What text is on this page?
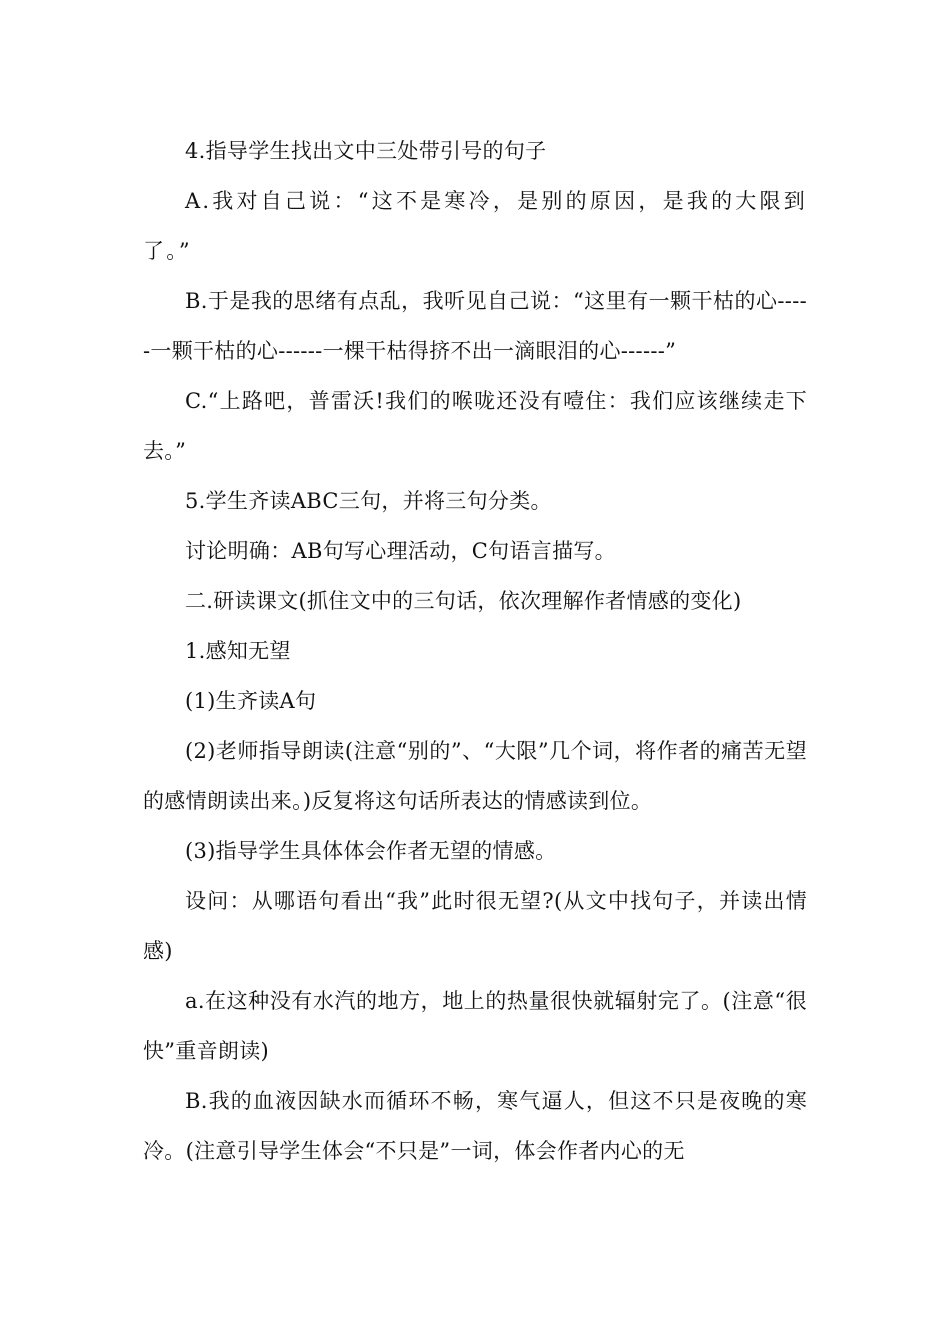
4.指导学生找出文中三处带引号的句子

A.我对自己说：“这不是寒冷，是别的原因，是我的大限到了。”

B.于是我的思绪有点乱，我听见自己说：“这里有一颗干枯的心-----一颗干枯的心------一棵干枯得挤不出一滴眼泪的心------”

C.“上路吧，普雷沃!我们的喉咙还没有噎住：我们应该继续走下去。”

5.学生齐读ABC三句，并将三句分类。

讨论明确：AB句写心理活动，C句语言描写。

二.研读课文(抓住文中的三句话，依次理解作者情感的变化)

1.感知无望

(1)生齐读A句

(2)老师指导朗读(注意“别的”、“大限”几个词，将作者的痛苦无望的感情朗读出来。)反复将这句话所表达的情感读到位。

(3)指导学生具体体会作者无望的情感。

设问：从哪语句看出“我”此时很无望?(从文中找句子，并读出情感)

a.在这种没有水汽的地方，地上的热量很快就辐射完了。(注意“很快”重音朗读)

B.我的血液因缺水而循环不畅，寒气逼人，但这不只是夜晚的寒冷。(注意引导学生体会“不只是”一词，体会作者内心的无
